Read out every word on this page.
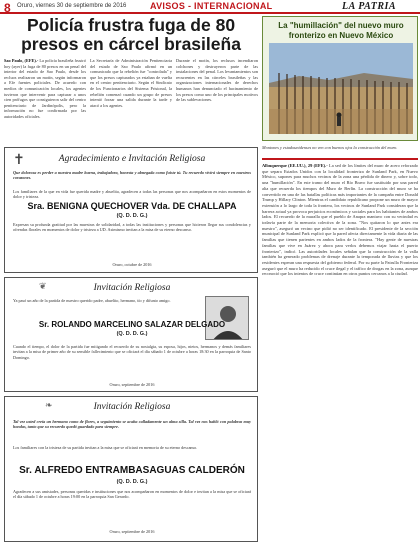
8 Oruro, viernes 30 de septiembre de 2016	AVISOS - INTERNACIONAL	LA PATRIA
Policía frustra fuga de 80 presos en cárcel brasileña
Sao Paulo, (EFE).- La policía brasileña frustró hoy (ayer) la fuga de 80 presos en un penal del interior del estado de Sao Paulo, desde los recluos realizaron un motín, según informaron a Efe fuentes policiales. De acuerdo con medios de comunicación locales, los agentes tuvieron que intervenir para capturar a unos cien prófugos que consiguieron salir del centro penitenciario de Jardinópolis, pero la información no fue confirmada por las autoridades oficiales.
La Secretaría de Administración Penitenciaria del estado de Sao Paulo afirmó en un comunicado que la rebelión fue "controlada" y que los presos capturados ya estaban de vuelta en el centro penitenciario. Según el Sindicato de los Funcionarios del Sistema Prisional, la rebelión comenzó cuando un grupo de presos intentó forzar una salida durante la tarde y atacó a los agentes.
Durante el motín, los reclusos incendiaron colchones y destruyeron parte de las instalaciones del penal. Los levantamientos son recurrentes en las cárceles brasileñas y las organizaciones internacionales de derechos humanos han denunciado el hacinamiento de los presos como uno de los principales motivos de las sublevaciones.
La "humillación" del nuevo muro fronterizo en Nuevo México
Montones y estadounidenses no ven con buenos ojos la construcción del muro.
Albuquerque (EE.UU.), 29 (EFE).- La sed de los límites del muro de acero reforzado que separa Estados Unidos con la localidad fronteriza de Sunland Park, en Nuevo México, supones para muchos vecinos de la zona una pérdida de dinero y, sobre todo, una "humillación". En este tramo del muro el Río Bravo fue sustituido por una pared alta que recuerda los tiempos del Muro de Berlín. La construcción del muro se ha convertido en una de las batallas políticas más importantes de la campaña entre Donald Trump y Hillary Clinton. Mientras el candidato republicano propone un muro de mayor extensión a lo largo de toda la frontera, los vecinos de Sunland Park consideran que la barrera actual ya provoca perjuicios económicos y sociales para los habitantes de ambos lados. El recuerdo de la muralla que el pueblo de Anapra mantuvo con su vecindad es todavía parte de la memoria colectiva de la zona. "Nos quitaron lo que antes era nuestro", aseguró un vecino que pidió no ser identificado. El presidente de la sección municipal de Sunland Park explicó que la pared afecta directamente la vida diaria de las familias que tienen parientes en ambos lados de la frontera. "Hay gente de nuestras familias que vive en Juárez y ahora para verlos debemos viajar hasta el puerto fronterizo", indicó. Las autoridades locales señalan que la construcción de la valla también ha generado problemas de drenaje durante la temporada de lluvias y que los residentes esperan una respuesta del gobierno federal. Por su parte la Patrulla Fronteriza aseguró que el muro ha reducido el cruce ilegal y el tráfico de drogas en la zona, aunque reconoció que los intentos de cruce continúan en otros puntos cercanos a la ciudad.
✝	Agradecimiento e Invitación Religiosa
Que dolorosa es perder a nuestra madre buena, trabajadora, honesta y abnegada como fuiste tú. Tu recuerdo vivirá siempre en nuestros corazones.
Los familiares de la que en vida fue querida madre y abuelita, agradecen a todas las personas que nos acompañaron en estos momentos de dolor y tristeza.
Sra. BENIGNA QUECHOVER Vda. DE CHALLAPA
(Q. D. D. G.)
Expresan su profunda gratitud por las muestras de solidaridad, a todas las instituciones y personas que hicieron llegar sus condolencias y ofrendas florales en momentos de dolor y tristeza a UD. Asimismo invitan a la misa de su eterno descanso.
Oruro, octubre de 2016
❦	Invitación Religiosa
Ya pasó un año de la partida de nuestro querido padre, abuelito, hermano, tío y difunto amigo.
Sr. ROLANDO MARCELINO SALAZAR DELGADO
(Q. D. D. G.)
Cuando el tiempo, el dolor de la partida fue mitigando el recuerdo de su nostalgia, su esposa, hijos, nietos, hermanos y demás familiares invitan a la misa de primer año de su sensible fallecimiento que se oficiará el día sábado 1 de octubre a horas 18:30 en la parroquia de Santo Domingo.
Oruro, septiembre de 2016
❧	Invitación Religiosa
Tal vez usted creía un hermano como de flores, a seguimiento se acaba calladamente un alma silla. Tal vez nos habló con palabras muy hondas, tanto que su recuerdo quedó guardado para siempre.
Los familiares con la tristeza de su partida invitan a la misa que se oficiará en memoria de su eterno descanso.
Sr. ALFREDO ENTRAMBASAGUAS CALDERÓN
(Q. D. D. G.)
Agradecen a sus amistades, personas queridas e instituciones que nos acompañaron en momentos de dolor e invitan a la misa que se oficiará el día sábado 1 de octubre a horas 19:00 en la parroquia San Gerardo.
Oruro, septiembre de 2016
